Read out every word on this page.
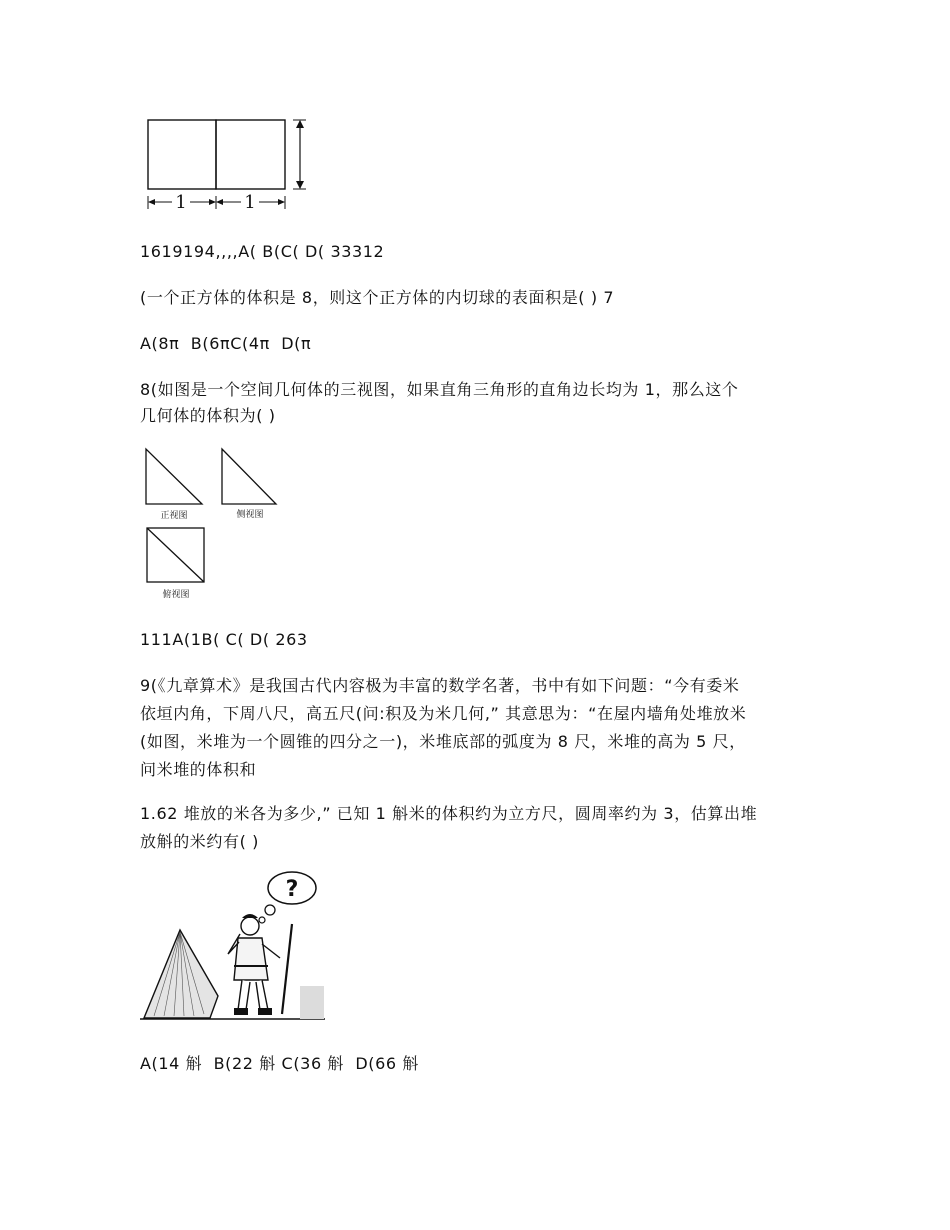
1	1

1619194,,,,A( B(C( D( 33312

(一个正方体的体积是 8，则这个正方体的内切球的表面积是( ) 7

A(8π  B(6πC(4π  D(π

8(如图是一个空间几何体的三视图，如果直角三角形的直角边长均为 1，那么这个

几何体的体积为( )

正视图	侧视图
俯视图

111A(1B( C( D( 263

9(《九章算术》是我国古代内容极为丰富的数学名著，书中有如下问题：“今有委米

依垣内角，下周八尺，高五尺(问:积及为米几何,” 其意思为：“在屋内墙角处堆放米

(如图，米堆为一个圆锥的四分之一)，米堆底部的弧度为 8 尺，米堆的高为 5 尺，

问米堆的体积和

1.62 堆放的米各为多少,” 已知 1 斛米的体积约为立方尺，圆周率约为 3，估算出堆

放斛的米约有( )

?

A(14 斛  B(22 斛 C(36 斛  D(66 斛
